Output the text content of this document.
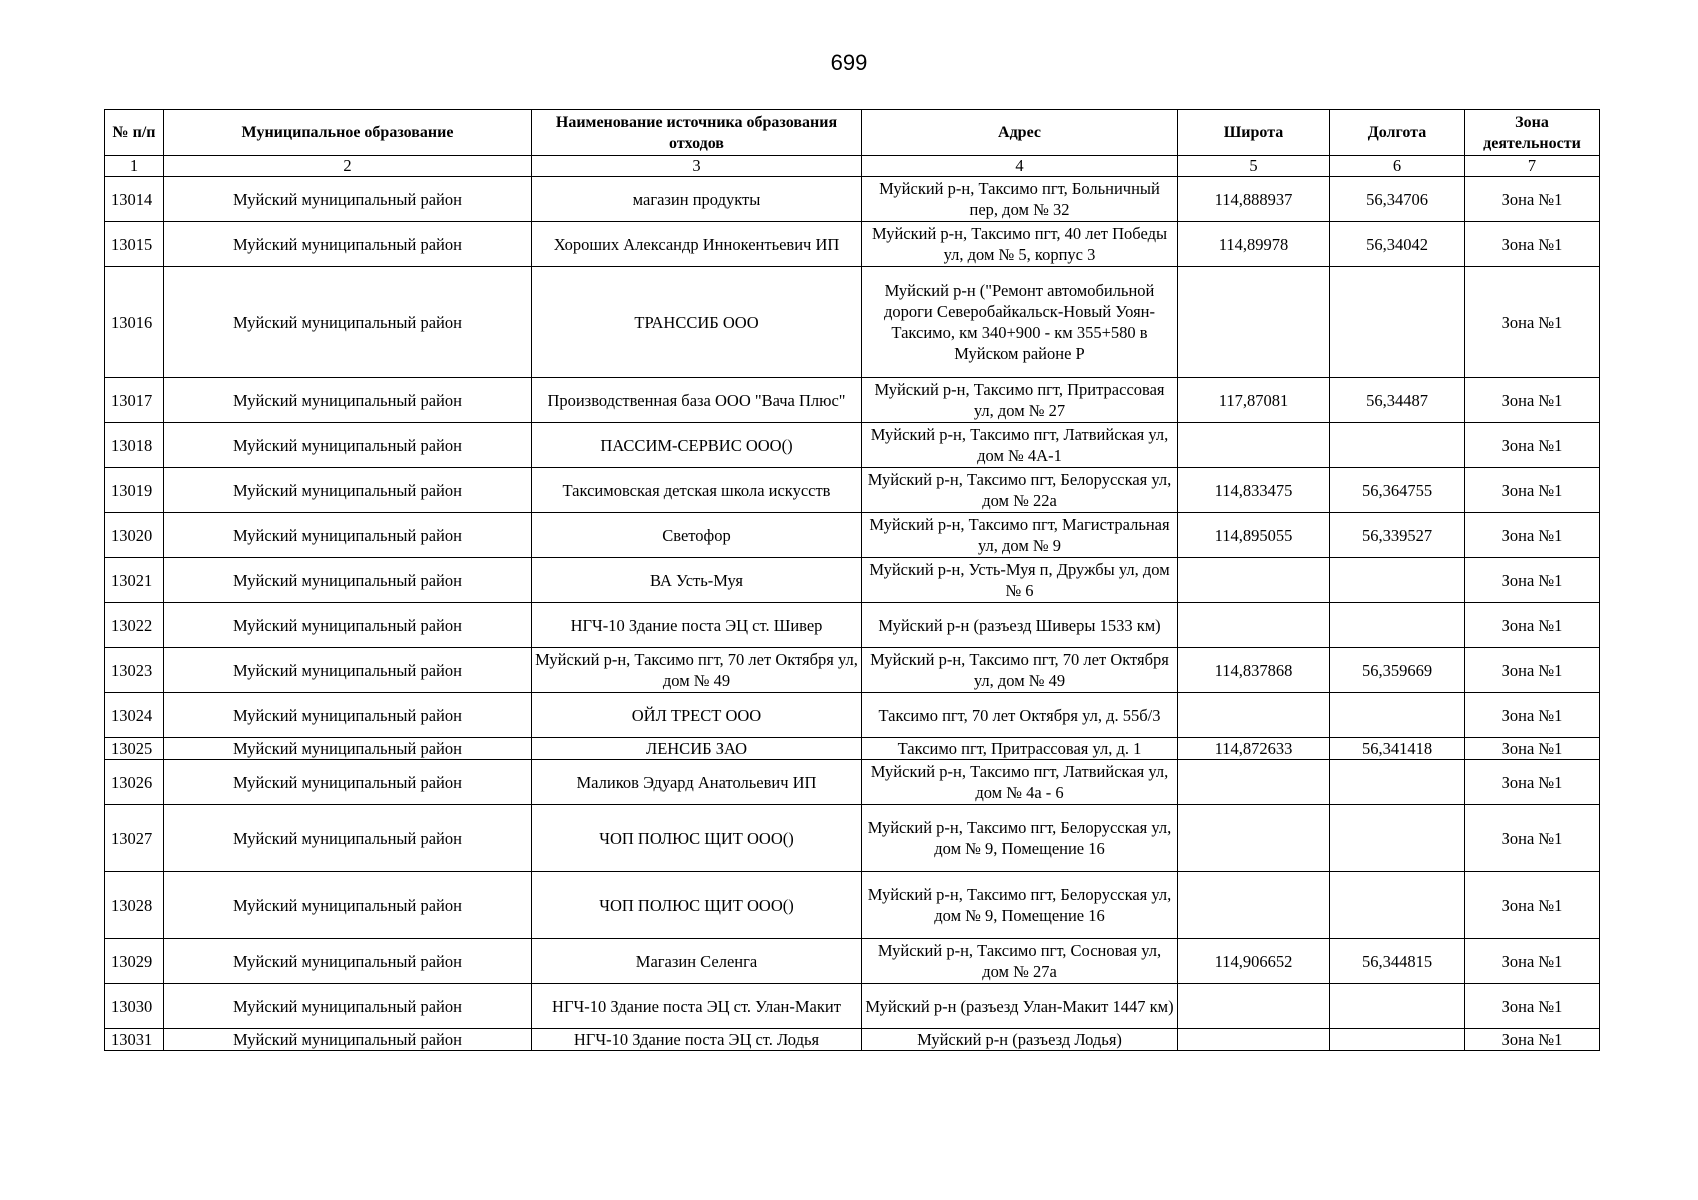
699
№ п/п	Муниципальное образование	Наименование источника образования отходов	Адрес	Широта	Долгота	Зона деятельности
1	2	3	4	5	6	7
13014	Муйский муниципальный район	магазин продукты	Муйский р-н, Таксимо пгт, Больничный пер, дом № 32	114,888937	56,34706	Зона №1
13015	Муйский муниципальный район	Хороших Александр Иннокентьевич ИП	Муйский р-н, Таксимо пгт, 40 лет Победы ул, дом № 5, корпус 3	114,89978	56,34042	Зона №1
13016	Муйский муниципальный район	ТРАНССИБ ООО	Муйский р-н ("Ремонт автомобильной дороги Северобайкальск-Новый Уоян-Таксимо, км 340+900 - км 355+580 в Муйском районе Р			Зона №1
13017	Муйский муниципальный район	Производственная база ООО "Вача Плюс"	Муйский р-н, Таксимо пгт, Притрассовая ул, дом № 27	117,87081	56,34487	Зона №1
13018	Муйский муниципальный район	ПАССИМ-СЕРВИС ООО()	Муйский р-н, Таксимо пгт, Латвийская ул, дом № 4А-1			Зона №1
13019	Муйский муниципальный район	Таксимовская детская школа искусств	Муйский р-н, Таксимо пгт, Белорусская ул, дом № 22а	114,833475	56,364755	Зона №1
13020	Муйский муниципальный район	Светофор	Муйский р-н, Таксимо пгт, Магистральная ул, дом № 9	114,895055	56,339527	Зона №1
13021	Муйский муниципальный район	ВА Усть-Муя	Муйский р-н, Усть-Муя п, Дружбы ул, дом № 6			Зона №1
13022	Муйский муниципальный район	НГЧ-10 Здание поста ЭЦ ст. Шивер	Муйский р-н (разъезд Шиверы 1533 км)			Зона №1
13023	Муйский муниципальный район	Муйский р-н, Таксимо пгт, 70 лет Октября ул, дом № 49	Муйский р-н, Таксимо пгт, 70 лет Октября ул, дом № 49	114,837868	56,359669	Зона №1
13024	Муйский муниципальный район	ОЙЛ ТРЕСТ ООО	Таксимо пгт, 70 лет Октября ул, д. 55б/3			Зона №1
13025	Муйский муниципальный район	ЛЕНСИБ ЗАО	Таксимо пгт, Притрассовая ул, д. 1	114,872633	56,341418	Зона №1
13026	Муйский муниципальный район	Маликов Эдуард Анатольевич ИП	Муйский р-н, Таксимо пгт, Латвийская ул, дом № 4а - 6			Зона №1
13027	Муйский муниципальный район	ЧОП ПОЛЮС ЩИТ ООО()	Муйский р-н, Таксимо пгт, Белорусская ул, дом № 9, Помещение 16			Зона №1
13028	Муйский муниципальный район	ЧОП ПОЛЮС ЩИТ ООО()	Муйский р-н, Таксимо пгт, Белорусская ул, дом № 9, Помещение 16			Зона №1
13029	Муйский муниципальный район	Магазин Селенга	Муйский р-н, Таксимо пгт, Сосновая ул, дом № 27а	114,906652	56,344815	Зона №1
13030	Муйский муниципальный район	НГЧ-10 Здание поста ЭЦ ст. Улан-Макит	Муйский р-н (разъезд Улан-Макит 1447 км)			Зона №1
13031	Муйский муниципальный район	НГЧ-10 Здание поста ЭЦ ст. Лодья	Муйский р-н (разъезд Лодья)			Зона №1
